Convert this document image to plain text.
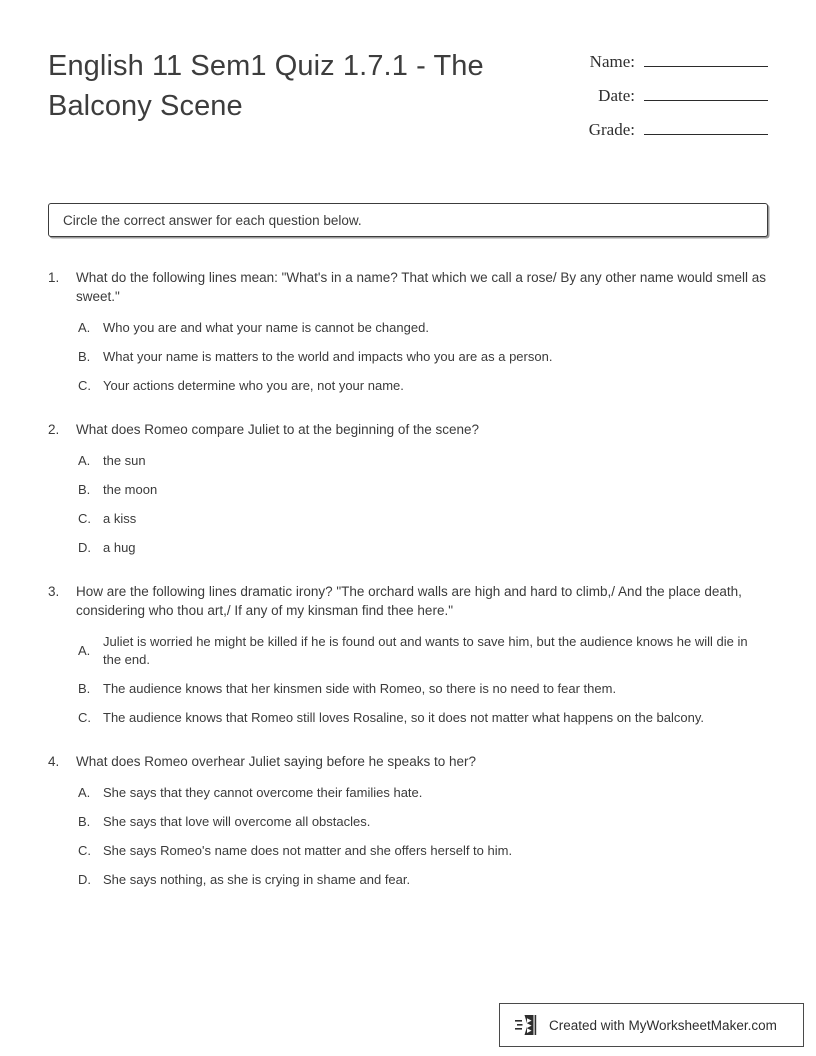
English 11 Sem1 Quiz 1.7.1 - The Balcony Scene
Name:
Date:
Grade:
Circle the correct answer for each question below.
1.	What do the following lines mean: "What's in a name? That which we call a rose/ By any other name would smell as sweet."
A. Who you are and what your name is cannot be changed.
B. What your name is matters to the world and impacts who you are as a person.
C. Your actions determine who you are, not your name.
2.	What does Romeo compare Juliet to at the beginning of the scene?
A. the sun
B. the moon
C. a kiss
D. a hug
3.	How are the following lines dramatic irony? "The orchard walls are high and hard to climb,/ And the place death, considering who thou art,/ If any of my kinsman find thee here."
A.
Juliet is worried he might be killed if he is found out and wants to save him, but the audience knows he will die in the end.
B. The audience knows that her kinsmen side with Romeo, so there is no need to fear them.
C. The audience knows that Romeo still loves Rosaline, so it does not matter what happens on the balcony.
4.	What does Romeo overhear Juliet saying before he speaks to her?
A. She says that they cannot overcome their families hate.
B. She says that love will overcome all obstacles.
C. She says Romeo's name does not matter and she offers herself to him.
D. She says nothing, as she is crying in shame and fear.
Created with MyWorksheetMaker.com
